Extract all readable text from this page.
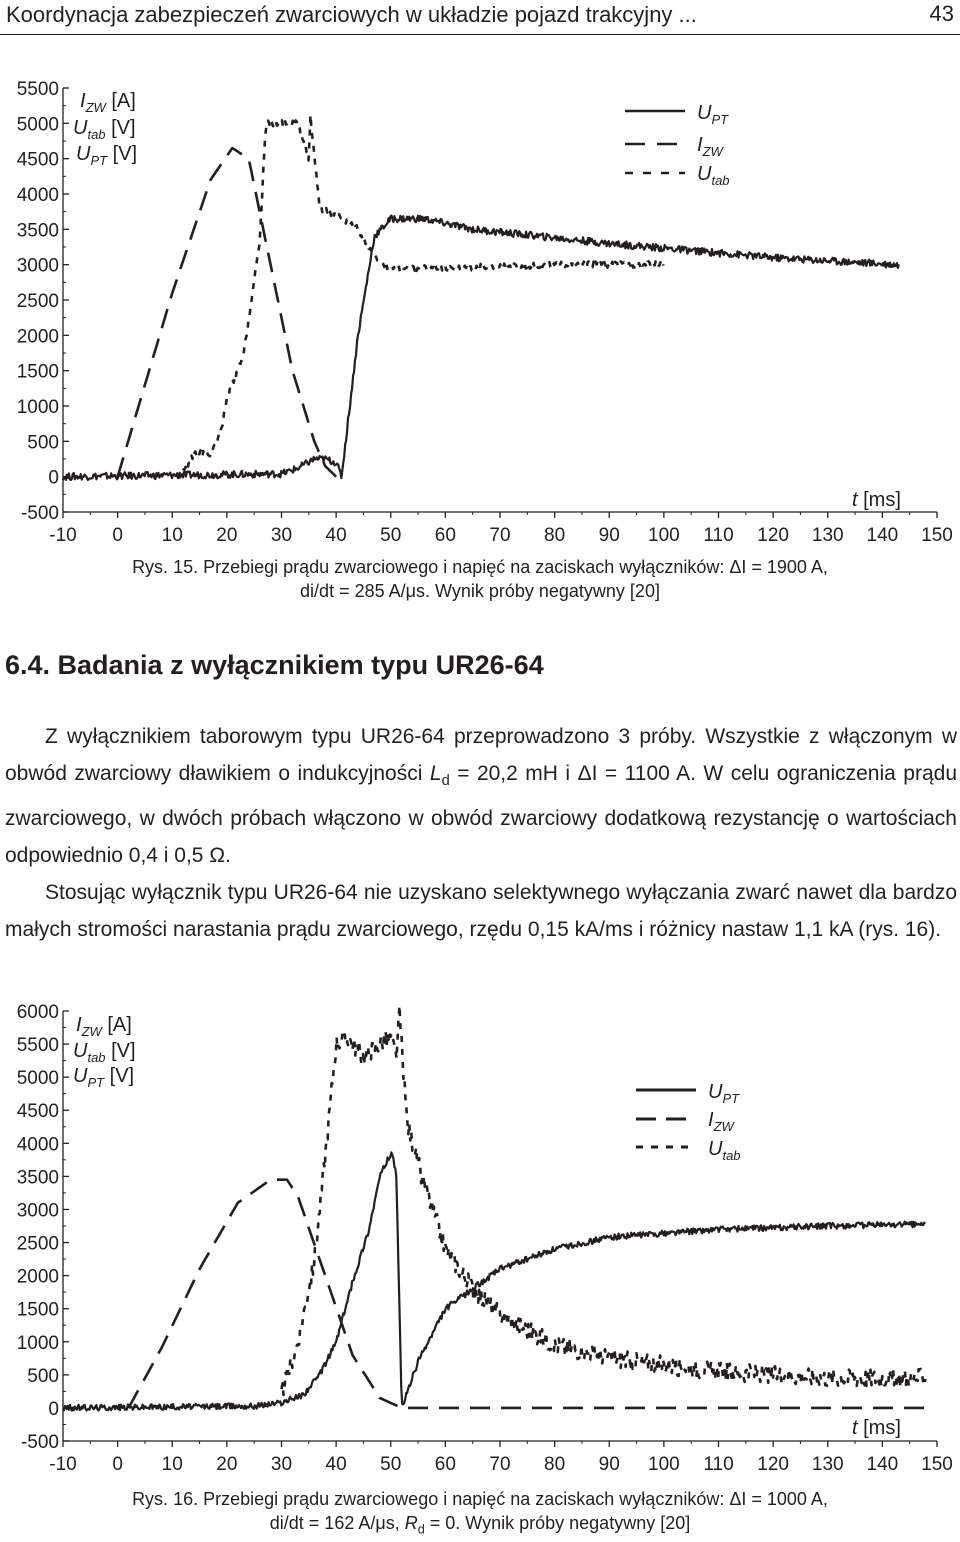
Koordynacja zabezpieczeń zwarciowych w układzie pojazd trakcyjny ...	43
-500
0
500
1000
1500
2000
2500
3000
3500
4000
4500
5000
5500
-10 0 10 20 30 40 50 60 70 80 90 100 110 120 130 140 150
$I_{ZW}$ [A]
$U_{tab}$ [V]
$U_{PT}$ [V]
$U_{PT}$
$I_{ZW}$
$U_{tab}$
t [ms]
Rys. 15. Przebiegi prądu zwarciowego i napięć na zaciskach wyłączników: ΔI = 1900 A,
di/dt = 285 A/μs. Wynik próby negatywny [20]
6.4. Badania z wyłącznikiem typu UR26-64

Z wyłącznikiem taborowym typu UR26-64 przeprowadzono 3 próby. Wszystkie z włączonym w obwód zwarciowy dławikiem o indukcyjności $L_d = 20,2$ mH i ΔI = 1100 A. W celu ograniczenia prądu zwarciowego, w dwóch próbach włączono w obwód zwarciowy dodatkową rezystancję o wartościach odpowiednio 0,4 i 0,5 Ω.

Stosując wyłącznik typu UR26-64 nie uzyskano selektywnego wyłączania zwarć nawet dla bardzo małych stromości narastania prądu zwarciowego, rzędu 0,15 kA/ms i różnicy nastaw 1,1 kA (rys. 16).

-500
0
500
1000
1500
2000
2500
3000
3500
4000
4500
5000
5500
6000
-10 0 10 20 30 40 50 60 70 80 90 100 110 120 130 140 150
$I_{ZW}$ [A]
$U_{tab}$ [V]
$U_{PT}$ [V]
$U_{PT}$
$I_{ZW}$
$U_{tab}$
t [ms]
Rys. 16. Przebiegi prądu zwarciowego i napięć na zaciskach wyłączników: ΔI = 1000 A,
di/dt = 162 A/μs, $R_d = 0$. Wynik próby negatywny [20]
